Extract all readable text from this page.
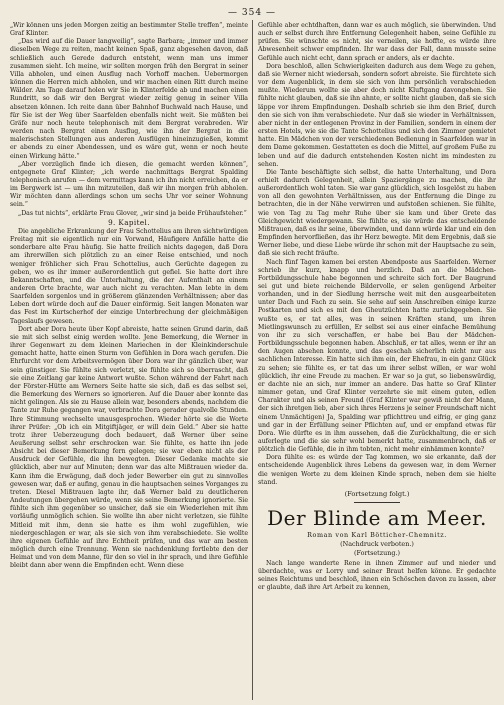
— 354 —

„Wir können uns jeden Morgen zeitig an bestimmter Stelle treffen“, meinte Graf Klinter.

„Das wird auf die Dauer langweilig“, sagte Barbara; „immer und immer dieselben Wege zu reiten, macht keinen Spaß, ganz abgesehen davon, daß schließlich auch Gerede dadurch entsteht, wenn man uns immer zusammen sieht. Ich meine, wir sollten morgen früh den Bergrat in seiner Villa abholen, und einen Ausflug nach Vorhoff machen. Uebermorgen können die Herren mich abholen, und wir machen einen Ritt durch meine Wälder. Am Tage darauf holen wir Sie in Klinterfelde ab und machen einen Rundritt, so daß wir den Bergrat wieder zeitig genug in seiner Villa absetzen können. Ich reite dann über Bahnhof Buchwald nach Hause, und für Sie ist der Weg über Saarfelden ebenfalls nicht weit. Sie müßten bei Gräfe nur noch heute telephonisch mit dem Bergrat verabreden. Wir werden nach Bergrat einen Ausflug, wie ihn der Bergrat in die malerischsten Stellungen aus anderen Ausflügen hineinzugießen, kommt er abends zu einer Abendessen, und es wäre gut, wenn er noch heute einen Wirkung hätte.“

„Aber vorzüglich finde ich diesen, die gemacht werden können“, entgegnete Graf Klinter; „ich werde nachmittags Bergrat Spalding telephonisch anrufen — dem vermittags kann ich ihn nicht erreichen, da er im Bergwerk ist — um ihn mitzuteilen, daß wir ihn morgen früh abholen. Wir möchten dann allerdings schon um sechs Uhr vor seiner Wohnung sein.“

„Das tut nichts“, erklärte Frau Glover, „wir sind ja beide Frühaufsteher.“

9. Kapitel.

Die angebliche Erkrankung der Frau Schottelius am ihren sichtwürdigen Freitag mit sie eigentlich nur ein Vorwand, Häufigere Anfälle hatte die sonderbare alte Frau häufig. Sie hatte freilich nichts dagegen, daß Dora am ihrerwillen sich plötzlich zu an einer Reise entschied, und noch weniger fröhlicher sich Frau Schottelius, auch Gerüchte dagegen zu geben, wo es ihr immer außerordentlich gut gefiel. Sie hatte dort ihre Bekanntschaften, und die Unterhaltung, die der Aufenthalt an einem anderen Orte brachte, war auch nicht zu verachten. Man lebte in dem Saarfelden sorgenlos und in größerem glänzenden Verhältnissen; aber das Leben dort würde doch auf die Dauer einförmig. Seit langen Monaten war das Fest im Kurtscherhof der einzige Unterbrechung der gleichmäßigen Tageslaufs gewesen.

Dort aber Dora heute über Kopf abreiste, hatte seinen Grund darin, daß sie mit sich selbst einig werden wollte. Jene Bemerkung, die Werner in ihrer Gegenwart zu dem kleinen Mariechen in der Kleinkinderschule gemacht hatte, hatte einen Sturm von Gefühlen in Dora wach gerufen. Die Ehrfurcht vor dem Arbeitsvermögen über Dora war ihr gänzlich über, war sein günstiger. Sie fühlte sich verletzt, sie fühlte sich so überrascht, daß sie eine Zeitlang gar keine Antwort wußte. Schon während der Fahrt nach der Förster-Hütte am Werners Seite hatte sie sich, daß es das selbst sei, die Bemerkung des Werners so ignorieren. Auf die Dauer aber konnte das nicht gelingen. Als sie zu Hause allein war, besonders abends, nachdem die Tante zur Ruhe gegangen war, verbrachte Dora gerader qualvolle Stunden. Ihre Stimmung wechselte unausgesprochen. Wieder hörte sie die Worte ihrer Prüfer: „Ob ich ein Mitgiftjäger, er will dein Geld.“ Aber sie hatte trotz ihrer Ueberzeugung doch bedauert, daß Werner über seine Aeußerung selbst sehr erschrocken war. Sie fühlte, es hatte ihn jede Absicht bei dieser Bemerkung fern gelegen; sie war eben nicht als der Ausdruck der Gefühle, die ihn bewegten. Dieser Gedanke machte sie glücklich, aber nur auf Minuten; denn war das alte Mißtrauen wieder da. Kann ihm die Erwägung, daß doch jeder Bewerber ein gut zu sinnvolles gewesen war, daß er aufing, genau in die hauptsachen seines Vorganges zu treten. Diesel Mißtrauen lagte ihr, daß Werner bald zu deutlicheren Andeutungen übergehen würde, wenn sie seine Bemerkung ignorierte. Sie fühlte sich ihm gegenüber so unsicher, daß sie ein Wiederlehen mit ihm vorläufig unmöglich schien. Sie wollte ihn aber nicht verletzen, sie fühlte Mitleid mit ihm, denn sie hatte es ihm wohl zugefühlen, wie niedergeschlagen er war, als sie sich von ihm verabschiedete. Sie wollte ihre eigenen Gefühle auf ihre Echtheit prüfen, und das war am besten möglich durch eine Trennung. Wenn sie nachdenklung fortlebte den der Heimat und von dem Manne, für den so viel in ihr sprach, und ihre Gefühle bleibt dann aber wenn die Empfinden echt. Wenn diese

Gefühle aber echtdhaften, dann war es auch möglich, sie überwinden. Und auch er selbst durch ihre Entfernung Gelegenheit haben, seine Gefühle zu prüfen. Sie wünschte es nicht, sie verneilen, sie hoffte, es würde ihre Abwesenheit schwer empfinden. Ihr war dass der Fall, dann musste seine Gefühle auch nicht echt, dann sprach er anders, als er dachte.

Dora beschloß, allen Schwierigkeiten dadurch aus dem Wege zu gehen, daß sie Werner nicht wiedersah, sondern sofort abreiste. Sie fürchtete sich vor dem Augenblick, in dem sie sich von ihm persönlich verabschieden mußte. Wiederum wollte sie aber doch nicht Kluftgang davongehen. Sie fühlte nicht glauben, daß sie ihn ahnte, er sollte nicht glauben, daß sie sich läppe vor ihrem Empfindungen. Deshalb schrieb sie ihm den Brief, durch den sie sich von ihm verabschiedete. Nur daß sie wieder in Verhältnissen, aber nicht in der entlegenen Provinz in der Familien, sondern in einem der ersten Hotels, wie sie die Tante Schottelius und sich den Zimmer gemietet hatte. Ein Mädchen von der verschiedenen Bedienung in Saarfelden war in dem Dame gekommen. Gestatteten es doch die Mittel, auf großem Fuße zu leben und auf die dadurch entstehenden Kosten nicht im mindesten zu sehen.

Die Tante beschäftigte sich selbst, die hatte Unterhaltung, und Dora erhielt dadurch Gelegenheit, allein Spaziergänge zu machen, die ihr außerordentlich wohl taten. Sie war ganz glücklich, sich losgelöst zu haben von all den gewohnten Verhältnissen, aus der Entfernung die Dinge zu betrachten, die in der Nähe verwirren und aufstoßen schienen. Sie fühlte, wie von Tag zu Tag mehr Ruhe über sie kam und über Grete das Gleichgewicht wiedergewann. Sie fühlte es, sie würde das entscheidende Mißtrauen, daß es ihr seine, überwinden, und dann würde klar und ein den Empfinden hervorfließen, das ihr Herz bewegte. Mit dem Ergebnis, daß sie Werner liebe, und diese Liebe würde ihr schon mit der Hauptsache zu sein, daß sie sich recht fräufte.

Nach fünf Tagen kamen bei ersten Abendposte aus Saarfelden. Werner schrieb ihr kurz, knapp und herzlich. Daß an die Mädchen-Fortbildungsschule habe begonnen und schreite sich fort. Der Baugrund sei gut und biete reichende Bildervolle, er selen genügend Arbeiter vorhanden, und in der Siedlung herrsche weit mit den ausgearbeiteten unter Dach und Fach zu sein. Sie sehe auf sein Anschreiben einige kurze Postkarten und sich es mit den Gheutzüchten hatte zurückgegeben. Sie wußte es, er tat alles, was in seinen Kräften stand, um ihren Mietlingswunsch zu erfüllen, Er selbst sei aus einer einfache Bemühung von ihr zu sich verschaffen, er habe bei Bau der Mädchen-Fortbildungsschule begonnen haben. Abschluß, er tat alles, wenn er ihr an den Augen absehen konnte, und das geschah sicherlich nicht nur aus sachlichen Interesse. Ein hatte sich ihm ein, der Ehefrau, in ein ganz Glück zu sehen; sie fühlte es, er tat das um ihrer selbst willen, er war wohl glücklich, ihr eine Freude zu machen. Er war so ja gut, so liebenswürdig, er dachte nie an sich, nur immer an andere. Das hatte so Graf Klinter nimmer getan, und Graf Klinter verzehrte sie mit einem guten, edlen Charakter und als seinen Freund (Graf Klinter war gewiß nicht der Mann, der sich ihretgen lieb, aber sich ihres Herzens je seiner Freundschaft nicht einem Unmächtigen) Ja, Spalding war pflichttreu und eifrig, er ging ganz und gar in der Erfüllung seiner Pflichten auf, und er empfand etwas für Dora. Wie dürfte es in ihm aussehen, daß die Zurückhaltung, die er sich auferlegte und die sie sehr wohl bemerkt hatte, zusammenbrach, daß er plötzlich die Gefühle, die in ihm tobten, nicht mehr einhämmen konnte?

Dora fühlte es: es würde der Tag kommen, wo sie erkannte, daß der entscheidende Augenblick ihres Lebens da gewesen war, in dem Werner die wenigen Worte zu dem kleinen Kinde sprach, neben dem sie hielte stand.

(Fortsetzung folgt.)
Der Blinde am Meer.
Roman von Karl Bötticher-Chemnitz.
(Nachdruck verboten.)
(Fortsetzung.)

Nach lange wanderte Rene in ihnen Zimmer auf und nieder und überdachte, was er Lorry und seiner Braut helfen könne. Er gedachte seines Reichtums und beschloß, ihnen ein Schöschen davon zu lassen, aber er glaubte, daß ihre Art Arbeit zu kennen,
